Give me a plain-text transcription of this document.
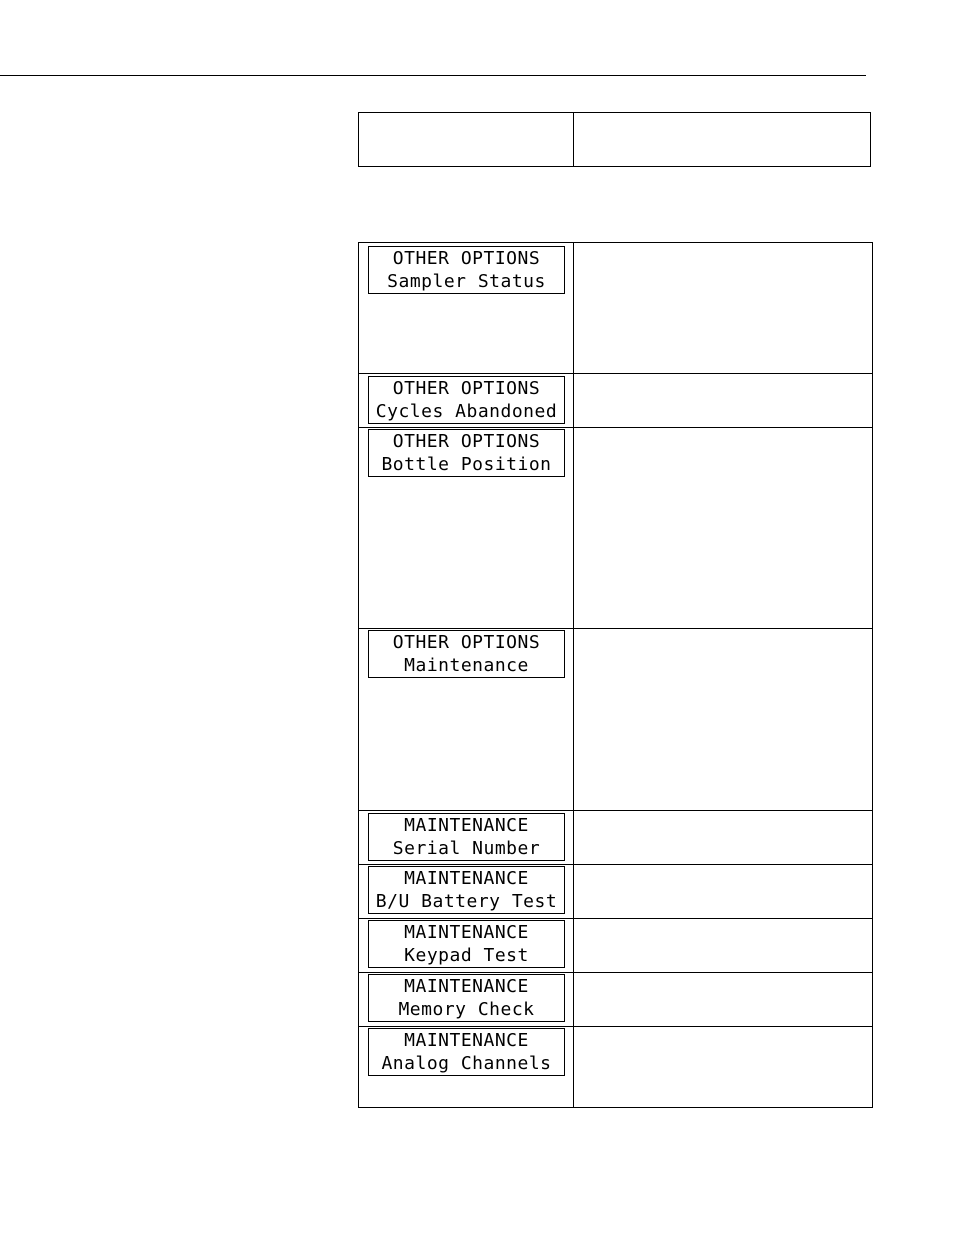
OTHER OPTIONS
Sampler Status
OTHER OPTIONS
Cycles Abandoned
OTHER OPTIONS
Bottle Position
OTHER OPTIONS
Maintenance
MAINTENANCE
Serial Number
MAINTENANCE
B/U Battery Test
MAINTENANCE
Keypad Test
MAINTENANCE
Memory Check
MAINTENANCE
Analog Channels
